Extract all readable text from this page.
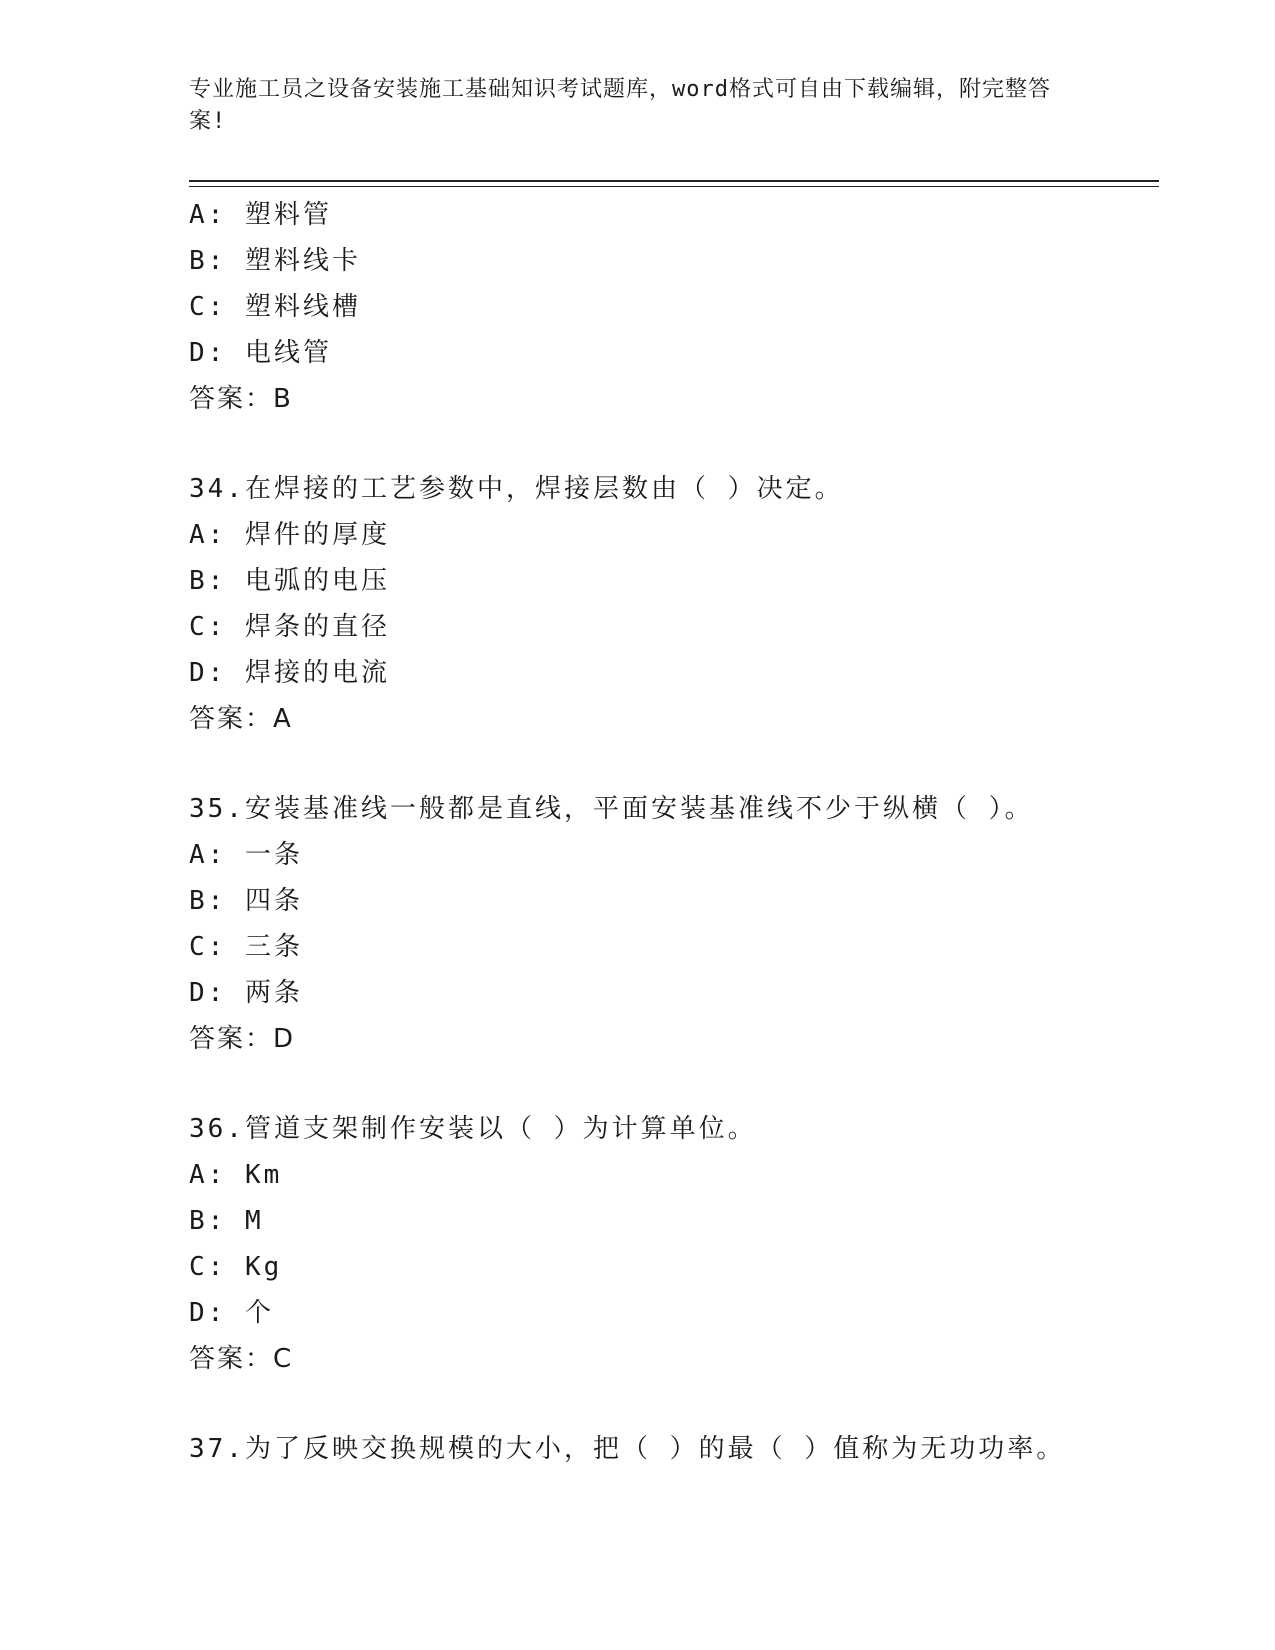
专业施工员之设备安装施工基础知识考试题库，word格式可自由下载编辑，附完整答案!
A: 塑料管
B: 塑料线卡
C: 塑料线槽
D: 电线管
答案：B
34.在焊接的工艺参数中，焊接层数由（ ）决定。
A: 焊件的厚度
B: 电弧的电压
C: 焊条的直径
D: 焊接的电流
答案：A
35.安装基准线一般都是直线，平面安装基准线不少于纵横（ ）。
A: 一条
B: 四条
C: 三条
D: 两条
答案：D
36.管道支架制作安装以（ ）为计算单位。
A: Km
B: M
C: Kg
D: 个
答案：C
37.为了反映交换规模的大小，把（ ）的最（ ）值称为无功功率。
